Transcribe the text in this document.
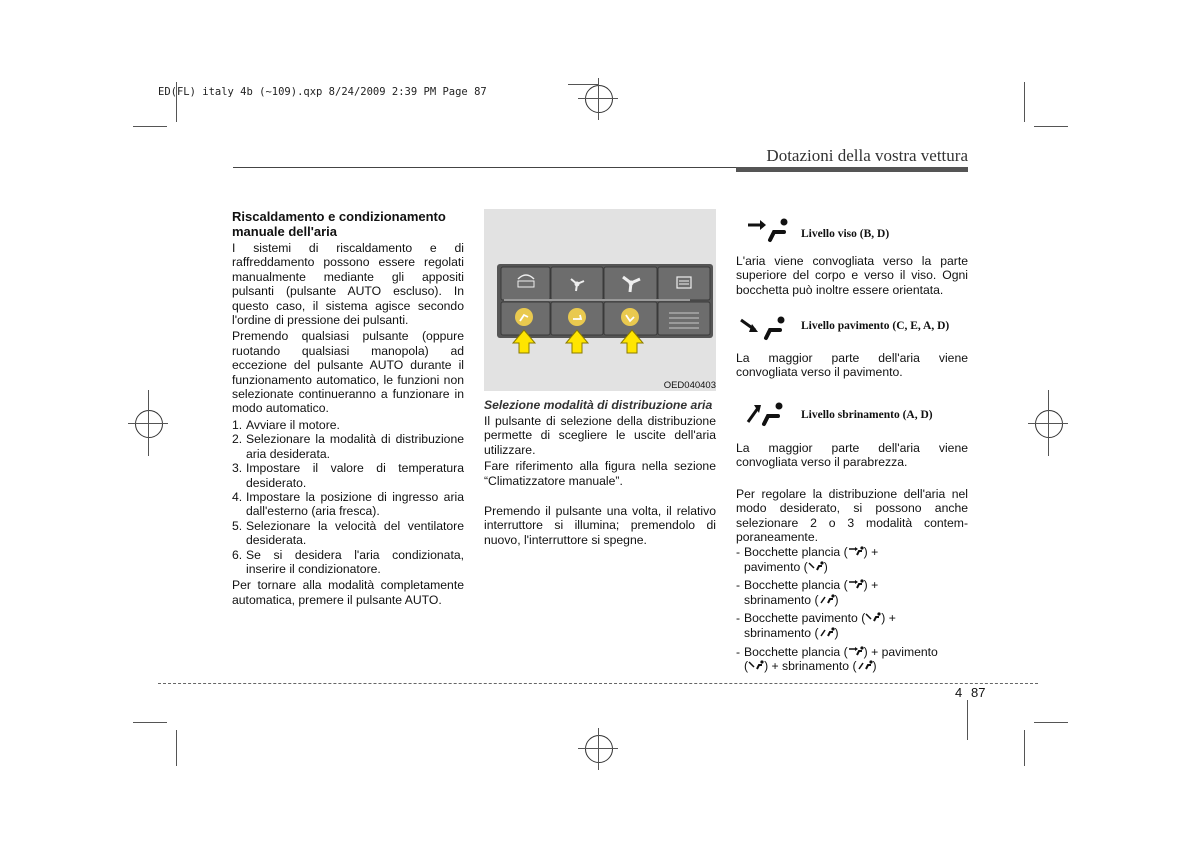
ED(FL) italy 4b (~109).qxp 8/24/2009 2:39 PM Page 87
Dotazioni della vostra vettura
Riscaldamento e condizionamento manuale dell'aria

I sistemi di riscaldamento e di raffreddamento possono essere regolati manualmente mediante gli appositi pulsanti (pulsante AUTO escluso). In questo caso, il sistema agisce secondo l'ordine di pressione dei pulsanti.

Premendo qualsiasi pulsante (oppure ruotando qualsiasi manopola) ad eccezione del pulsante AUTO durante il funzionamento automatico, le funzioni non selezionate continueranno a funzionare in modo automatico.

1. Avviare il motore.
2. Selezionare la modalità di distribuzione aria desiderata.
3. Impostare il valore di temperatura desiderato.
4. Impostare la posizione di ingresso aria dall'esterno (aria fresca).
5. Selezionare la velocità del ventilatore desiderata.
6. Se si desidera l'aria condizionata, inserire il condizionatore.

Per tornare alla modalità completamente automatica, premere il pulsante AUTO.

OED040403
Selezione modalità di distribuzione aria

Il pulsante di selezione della distribuzione permette di scegliere le uscite dell'aria utilizzare.

Fare riferimento alla figura nella sezione “Climatizzatore manuale”.

Premendo il pulsante una volta, il relativo interruttore si illumina; premendolo di nuovo, l'interruttore si spegne.

Livello viso (B, D)
Livello pavimento (C, E, A, D)
Livello sbrinamento (A, D)

L'aria viene convogliata verso la parte superiore del corpo e verso il viso. Ogni bocchetta può inoltre essere orientata.

La maggior parte dell'aria viene convogliata verso il pavimento.

La maggior parte dell'aria viene convogliata verso il parabrezza.

Per regolare la distribuzione dell'aria nel modo desiderato, si possono anche selezionare 2 o 3 modalità contem-poraneamente.

- Bocchette plancia ( ) +
pavimento ( )
- Bocchette plancia ( ) +
sbrinamento ( )
- Bocchette pavimento ( ) +
sbrinamento ( )
- Bocchette plancia ( ) + pavimento
( ) + sbrinamento ( )
4 87
